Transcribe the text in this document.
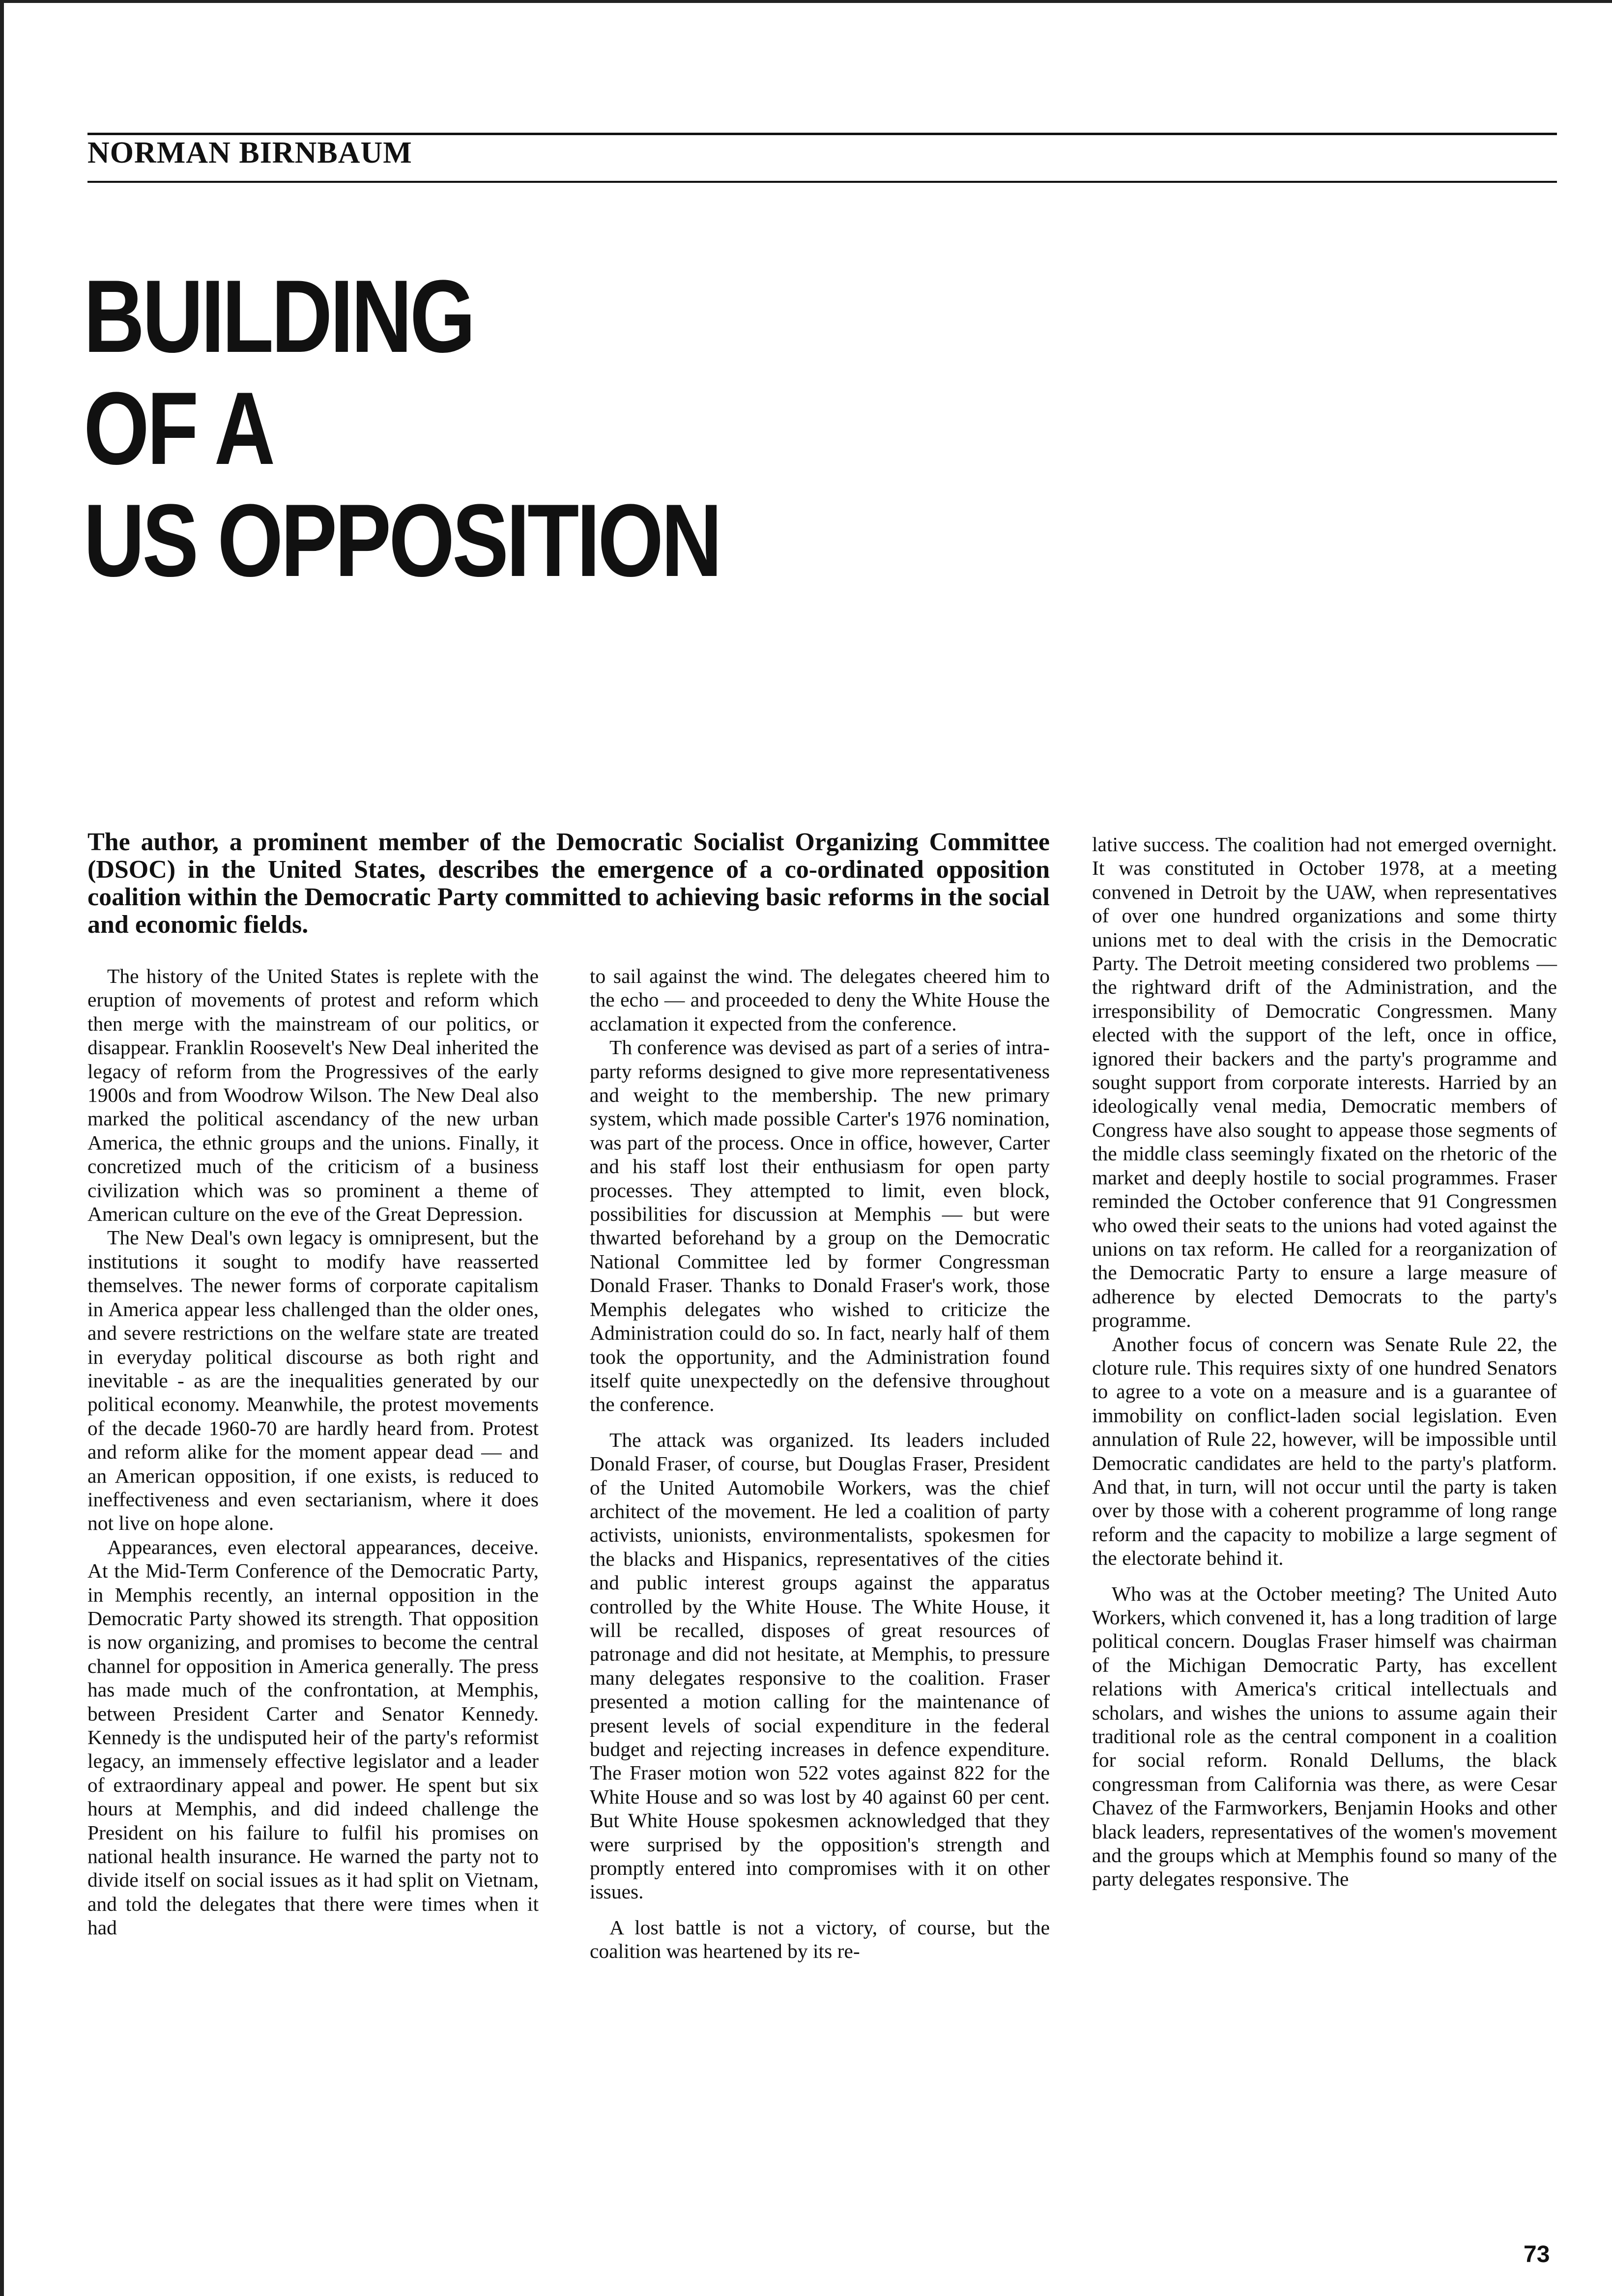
NORMAN BIRNBAUM
BUILDING
OF A
US OPPOSITION
The author, a prominent member of the Democratic Socialist Organizing Committee (DSOC) in the United States, describes the emergence of a co-ordinated opposition coalition within the Democratic Party committed to achieving basic reforms in the social and economic fields.

The history of the United States is replete with the eruption of movements of protest and reform which then merge with the mainstream of our politics, or disappear. Franklin Roosevelt's New Deal inherited the legacy of reform from the Progressives of the early 1900s and from Woodrow Wilson. The New Deal also marked the political ascendancy of the new urban America, the ethnic groups and the unions. Finally, it concretized much of the criticism of a business civilization which was so prominent a theme of American culture on the eve of the Great Depression.

The New Deal's own legacy is omnipresent, but the institutions it sought to modify have reasserted themselves. The newer forms of corporate capitalism in America appear less challenged than the older ones, and severe restrictions on the welfare state are treated in everyday political discourse as both right and inevitable - as are the inequalities generated by our political economy. Meanwhile, the protest movements of the decade 1960-70 are hardly heard from. Protest and reform alike for the moment appear dead — and an American opposition, if one exists, is reduced to ineffectiveness and even sectarianism, where it does not live on hope alone.

Appearances, even electoral appearances, deceive. At the Mid-Term Conference of the Democratic Party, in Memphis recently, an internal opposition in the Democratic Party showed its strength. That opposition is now organizing, and promises to become the central channel for opposition in America generally. The press has made much of the confrontation, at Memphis, between President Carter and Senator Kennedy. Kennedy is the undisputed heir of the party's reformist legacy, an immensely effective legislator and a leader of extraordinary appeal and power. He spent but six hours at Memphis, and did indeed challenge the President on his failure to fulfil his promises on national health insurance. He warned the party not to divide itself on social issues as it had split on Vietnam, and told the delegates that there were times when it had

to sail against the wind. The delegates cheered him to the echo — and proceeded to deny the White House the acclamation it expected from the conference.

Th conference was devised as part of a series of intra-party reforms designed to give more representativeness and weight to the membership. The new primary system, which made possible Carter's 1976 nomination, was part of the process. Once in office, however, Carter and his staff lost their enthusiasm for open party processes. They attempted to limit, even block, possibilities for discussion at Memphis — but were thwarted beforehand by a group on the Democratic National Committee led by former Congressman Donald Fraser. Thanks to Donald Fraser's work, those Memphis delegates who wished to criticize the Administration could do so. In fact, nearly half of them took the opportunity, and the Administration found itself quite unexpectedly on the defensive throughout the conference.

The attack was organized. Its leaders included Donald Fraser, of course, but Douglas Fraser, President of the United Automobile Workers, was the chief architect of the movement. He led a coalition of party activists, unionists, environmentalists, spokesmen for the blacks and Hispanics, representatives of the cities and public interest groups against the apparatus controlled by the White House. The White House, it will be recalled, disposes of great resources of patronage and did not hesitate, at Memphis, to pressure many delegates responsive to the coalition. Fraser presented a motion calling for the maintenance of present levels of social expenditure in the federal budget and rejecting increases in defence expenditure. The Fraser motion won 522 votes against 822 for the White House and so was lost by 40 against 60 per cent. But White House spokesmen acknowledged that they were surprised by the opposition's strength and promptly entered into compromises with it on other issues.

A lost battle is not a victory, of course, but the coalition was heartened by its re-

lative success. The coalition had not emerged overnight. It was constituted in October 1978, at a meeting convened in Detroit by the UAW, when representatives of over one hundred organizations and some thirty unions met to deal with the crisis in the Democratic Party. The Detroit meeting considered two problems — the rightward drift of the Administration, and the irresponsibility of Democratic Congressmen. Many elected with the support of the left, once in office, ignored their backers and the party's programme and sought support from corporate interests. Harried by an ideologically venal media, Democratic members of Congress have also sought to appease those segments of the middle class seemingly fixated on the rhetoric of the market and deeply hostile to social programmes. Fraser reminded the October conference that 91 Congressmen who owed their seats to the unions had voted against the unions on tax reform. He called for a reorganization of the Democratic Party to ensure a large measure of adherence by elected Democrats to the party's programme.

Another focus of concern was Senate Rule 22, the cloture rule. This requires sixty of one hundred Senators to agree to a vote on a measure and is a guarantee of immobility on conflict-laden social legislation. Even annulation of Rule 22, however, will be impossible until Democratic candidates are held to the party's platform. And that, in turn, will not occur until the party is taken over by those with a coherent programme of long range reform and the capacity to mobilize a large segment of the electorate behind it.

Who was at the October meeting? The United Auto Workers, which convened it, has a long tradition of large political concern. Douglas Fraser himself was chairman of the Michigan Democratic Party, has excellent relations with America's critical intellectuals and scholars, and wishes the unions to assume again their traditional role as the central component in a coalition for social reform. Ronald Dellums, the black congressman from California was there, as were Cesar Chavez of the Farmworkers, Benjamin Hooks and other black leaders, representatives of the women's movement and the groups which at Memphis found so many of the party delegates responsive. The

73
